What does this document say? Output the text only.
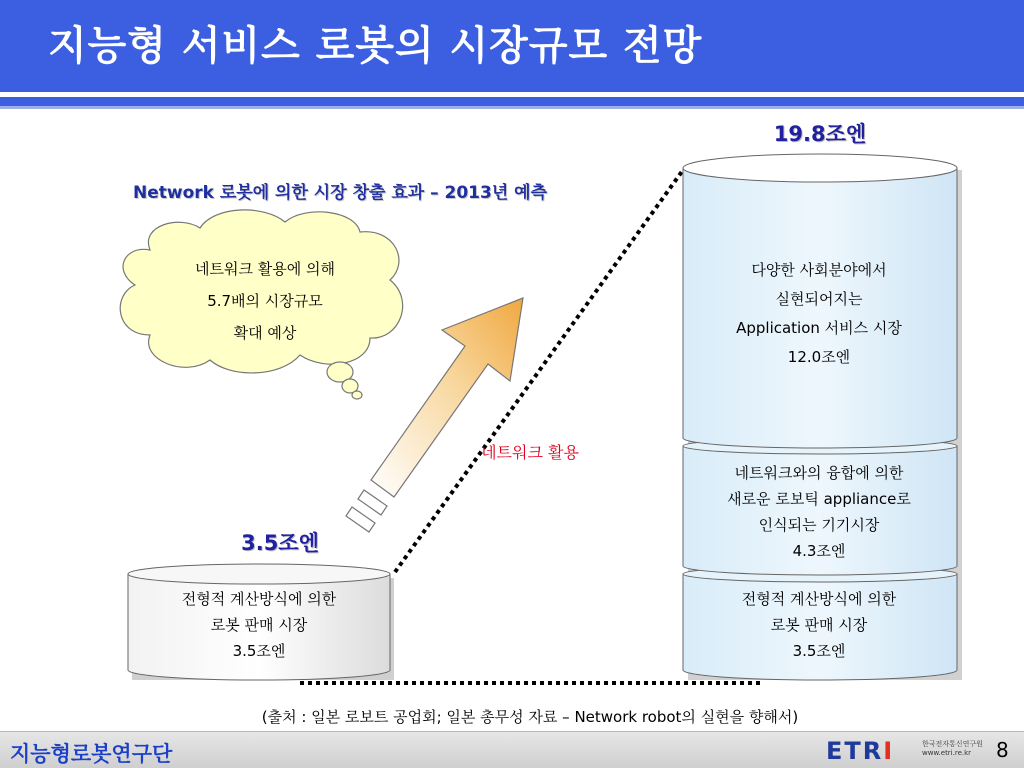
지능형 서비스 로봇의 시장규모 전망
Network 로봇에 의한 시장 창출 효과 – 2013년 예측
19.8조엔
3.5조엔
네트워크 활용
네트워크 활용에 의해
5.7배의 시장규모
확대 예상
전형적 계산방식에 의한
로봇 판매 시장
3.5조엔
다양한 사회분야에서
실현되어지는
Application 서비스 시장
12.0조엔
네트워크와의 융합에 의한
새로운 로보틱 appliance로
인식되는 기기시장
4.3조엔
전형적 계산방식에 의한
로봇 판매 시장
3.5조엔
(출처 : 일본 로보트 공업회; 일본 총무성 자료 – Network robot의 실현을 향해서)
지능형로봇연구단	ETRI	한국전자통신연구원
www.etri.re.kr	8
